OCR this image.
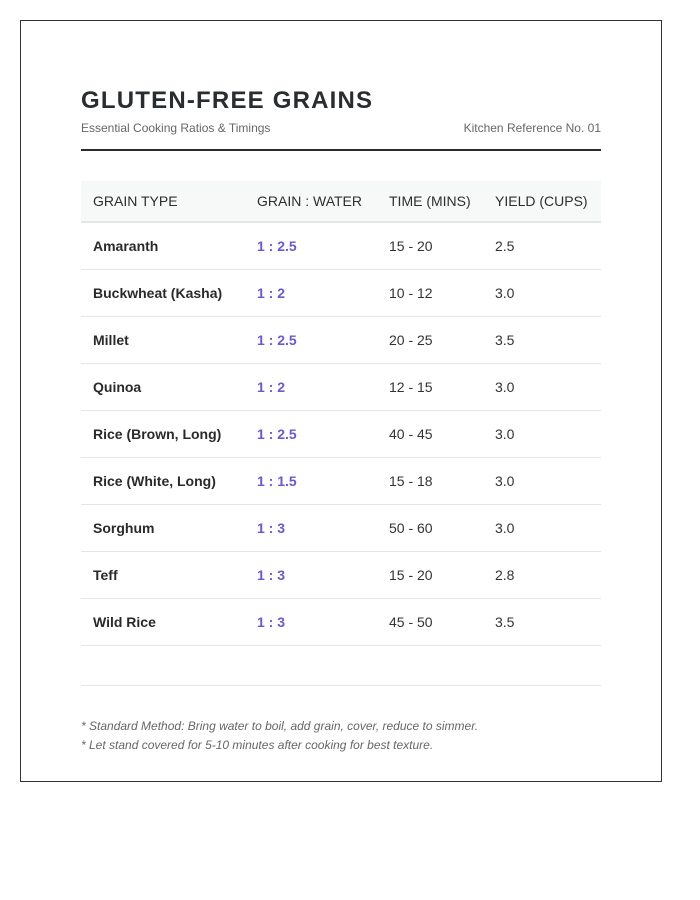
GLUTEN-FREE GRAINS
Essential Cooking Ratios & Timings	Kitchen Reference No. 01
GRAIN TYPE	GRAIN : WATER	TIME (MINS)	YIELD (CUPS)
Amaranth	1 : 2.5	15 - 20	2.5
Buckwheat (Kasha)	1 : 2	10 - 12	3.0
Millet	1 : 2.5	20 - 25	3.5
Quinoa	1 : 2	12 - 15	3.0
Rice (Brown, Long)	1 : 2.5	40 - 45	3.0
Rice (White, Long)	1 : 1.5	15 - 18	3.0
Sorghum	1 : 3	50 - 60	3.0
Teff	1 : 3	15 - 20	2.8
Wild Rice	1 : 3	45 - 50	3.5

* Standard Method: Bring water to boil, add grain, cover, reduce to simmer.

* Let stand covered for 5-10 minutes after cooking for best texture.
